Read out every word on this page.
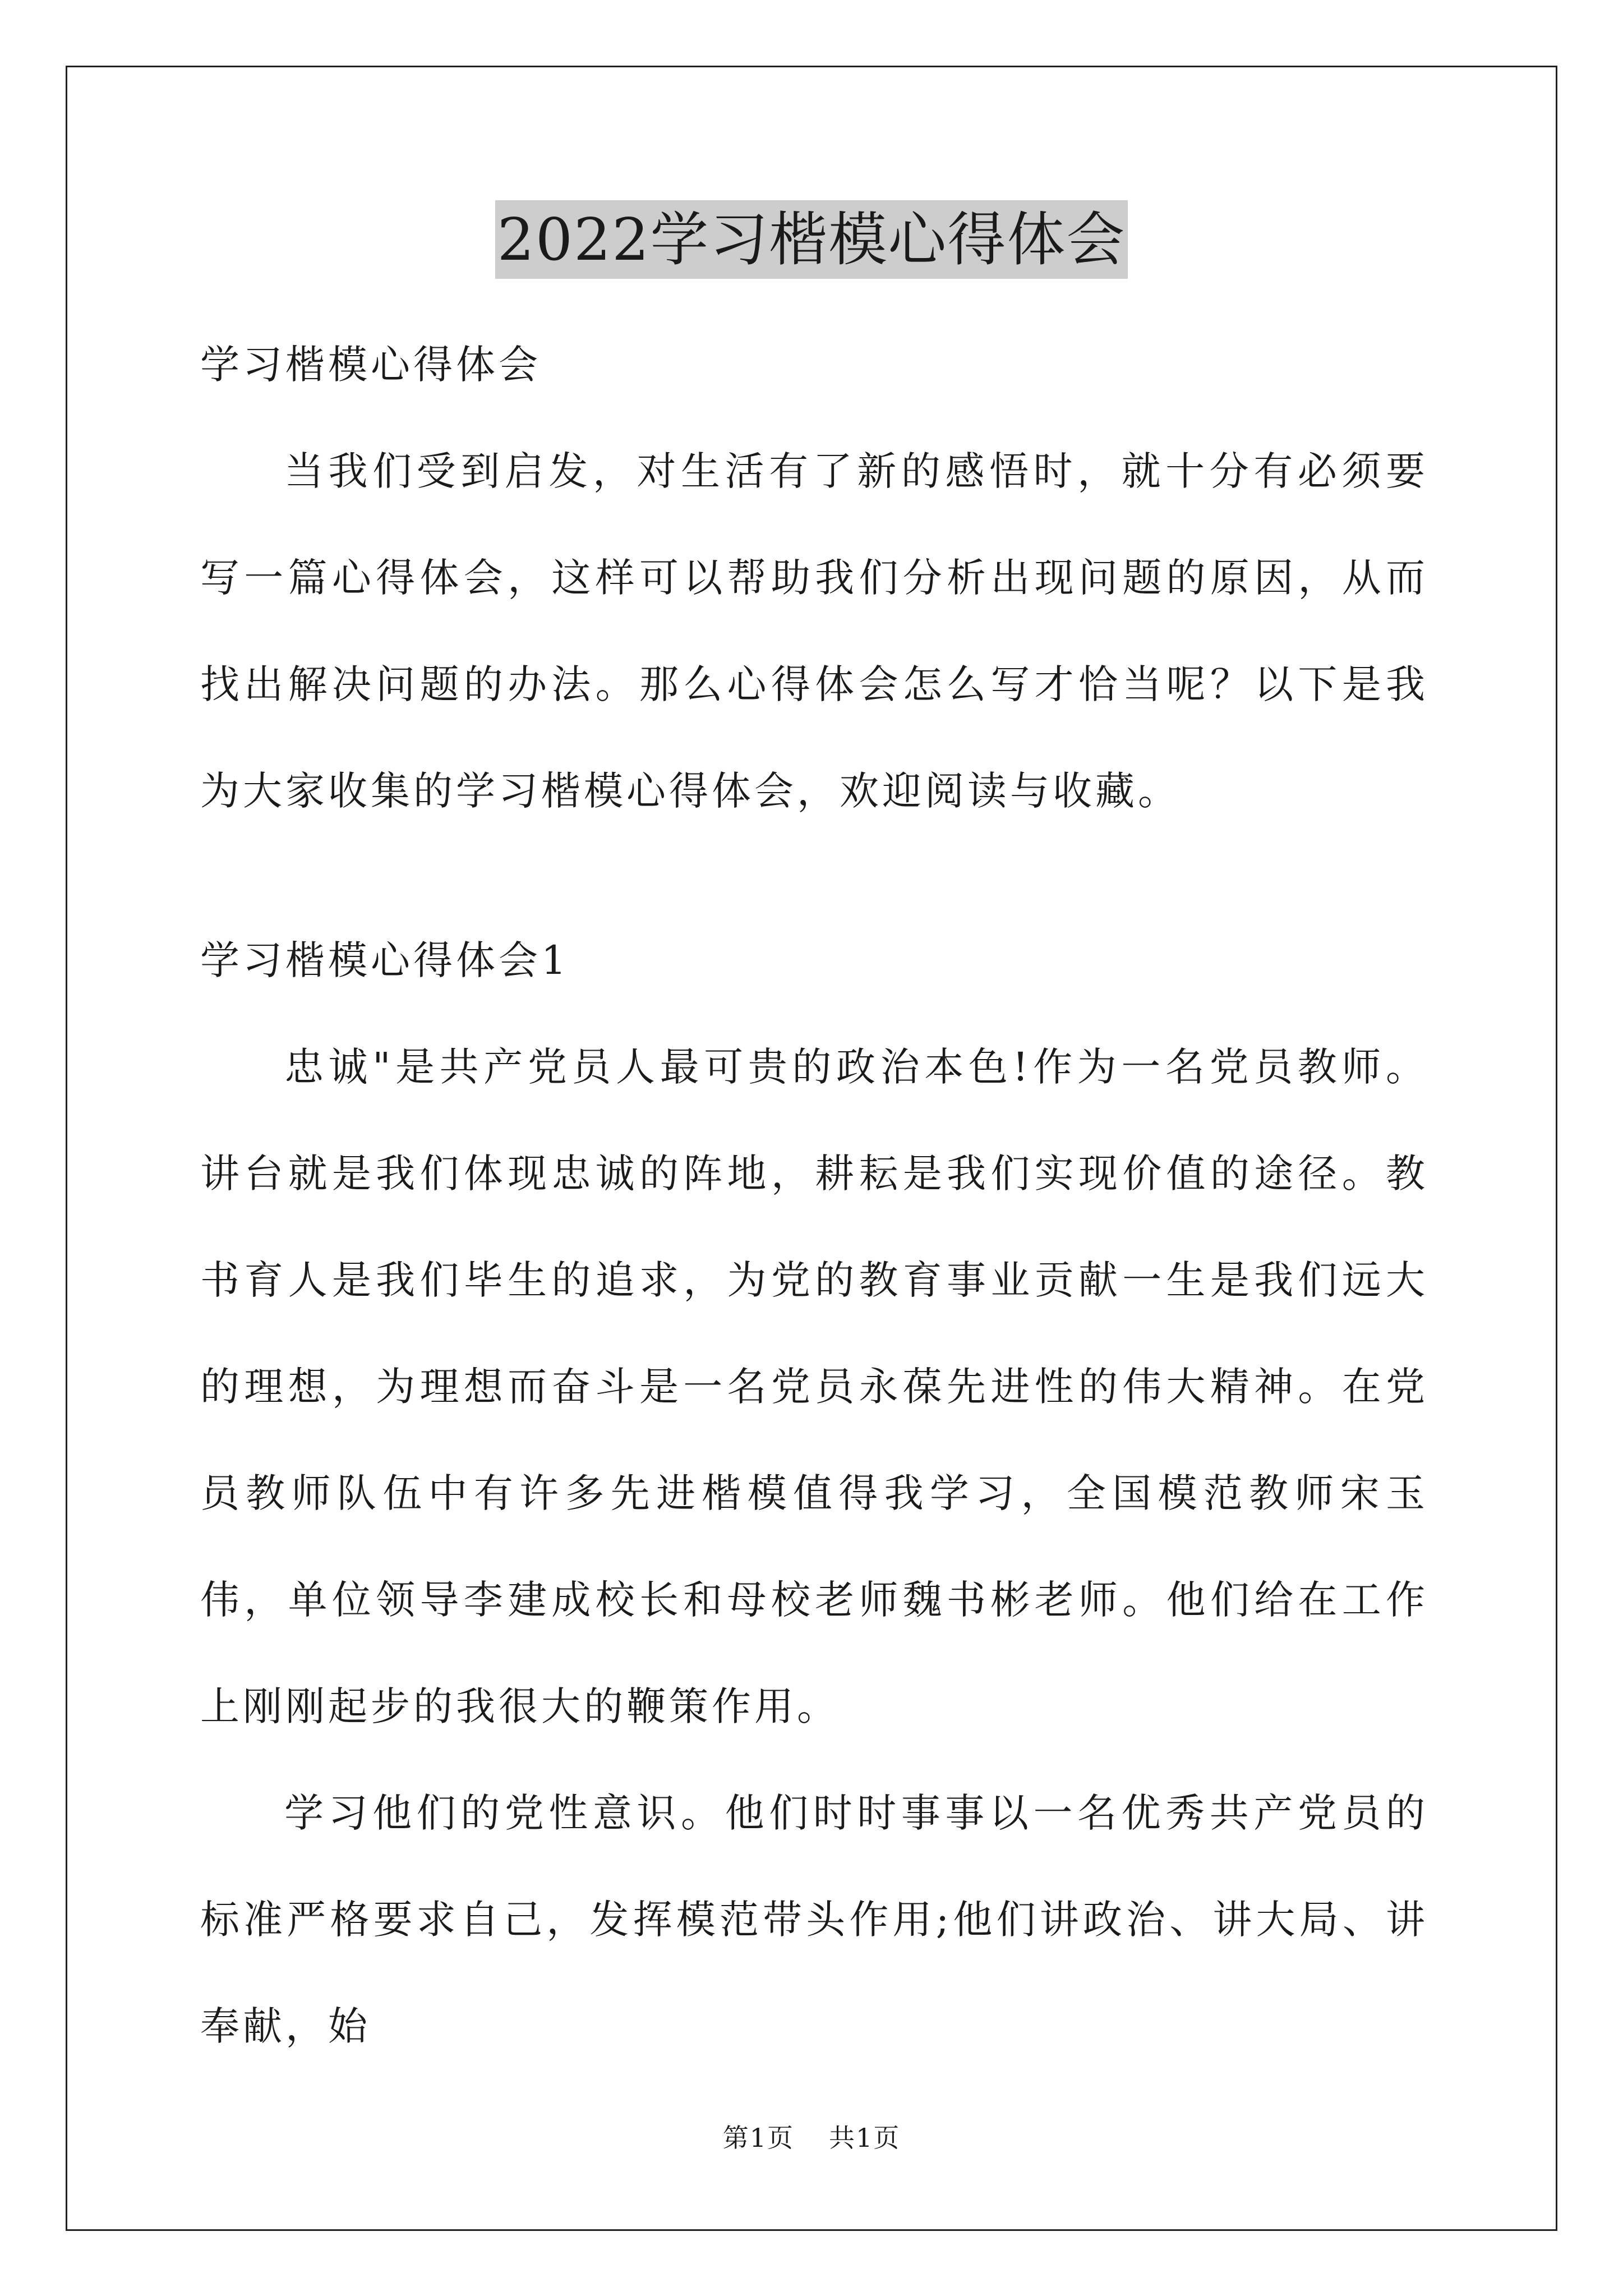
2022学习楷模心得体会

学习楷模心得体会

当我们受到启发，对生活有了新的感悟时，就十分有必须要写一篇心得体会，这样可以帮助我们分析出现问题的原因，从而找出解决问题的办法。那么心得体会怎么写才恰当呢？以下是我为大家收集的学习楷模心得体会，欢迎阅读与收藏。

学习楷模心得体会1

忠诚"是共产党员人最可贵的政治本色!作为一名党员教师。讲台就是我们体现忠诚的阵地，耕耘是我们实现价值的途径。教书育人是我们毕生的追求，为党的教育事业贡献一生是我们远大的理想，为理想而奋斗是一名党员永葆先进性的伟大精神。在党员教师队伍中有许多先进楷模值得我学习，全国模范教师宋玉伟，单位领导李建成校长和母校老师魏书彬老师。他们给在工作上刚刚起步的我很大的鞭策作用。

学习他们的党性意识。他们时时事事以一名优秀共产党员的标准严格要求自己，发挥模范带头作用;他们讲政治、讲大局、讲奉献，始

第1页 共1页
